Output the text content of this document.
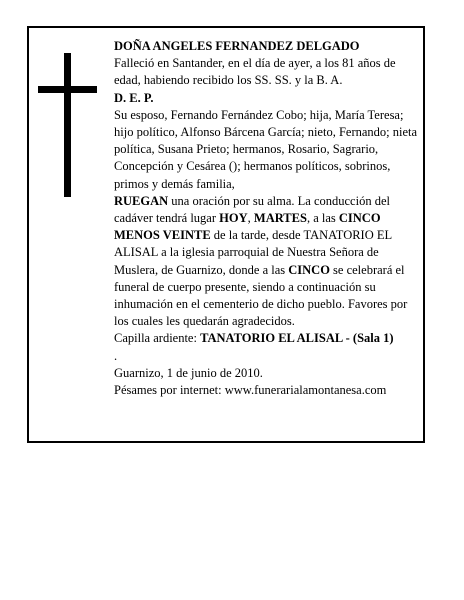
DOÑA ANGELES FERNANDEZ DELGADO

Falleció en Santander, en el día de ayer, a los 81 años de edad, habiendo recibido los SS. SS. y la B. A.

D. E. P.

Su esposo, Fernando Fernández Cobo; hija, María Teresa; hijo político, Alfonso Bárcena García; nieto, Fernando; nieta política, Susana Prieto; hermanos, Rosario, Sagrario, Concepción y Cesárea (); hermanos políticos, sobrinos, primos y demás familia,

RUEGAN una oración por su alma. La conducción del cadáver tendrá lugar HOY, MARTES, a las CINCO MENOS VEINTE de la tarde, desde TANATORIO EL ALISAL a la iglesia parroquial de Nuestra Señora de Muslera, de Guarnizo, donde a las CINCO se celebrará el funeral de cuerpo presente, siendo a continuación su inhumación en el cementerio de dicho pueblo. Favores por los cuales les quedarán agradecidos.

Capilla ardiente: TANATORIO EL ALISAL - (Sala 1)

.

Guarnizo, 1 de junio de 2010.

Pésames por internet: www.funerarialamontanesa.com
